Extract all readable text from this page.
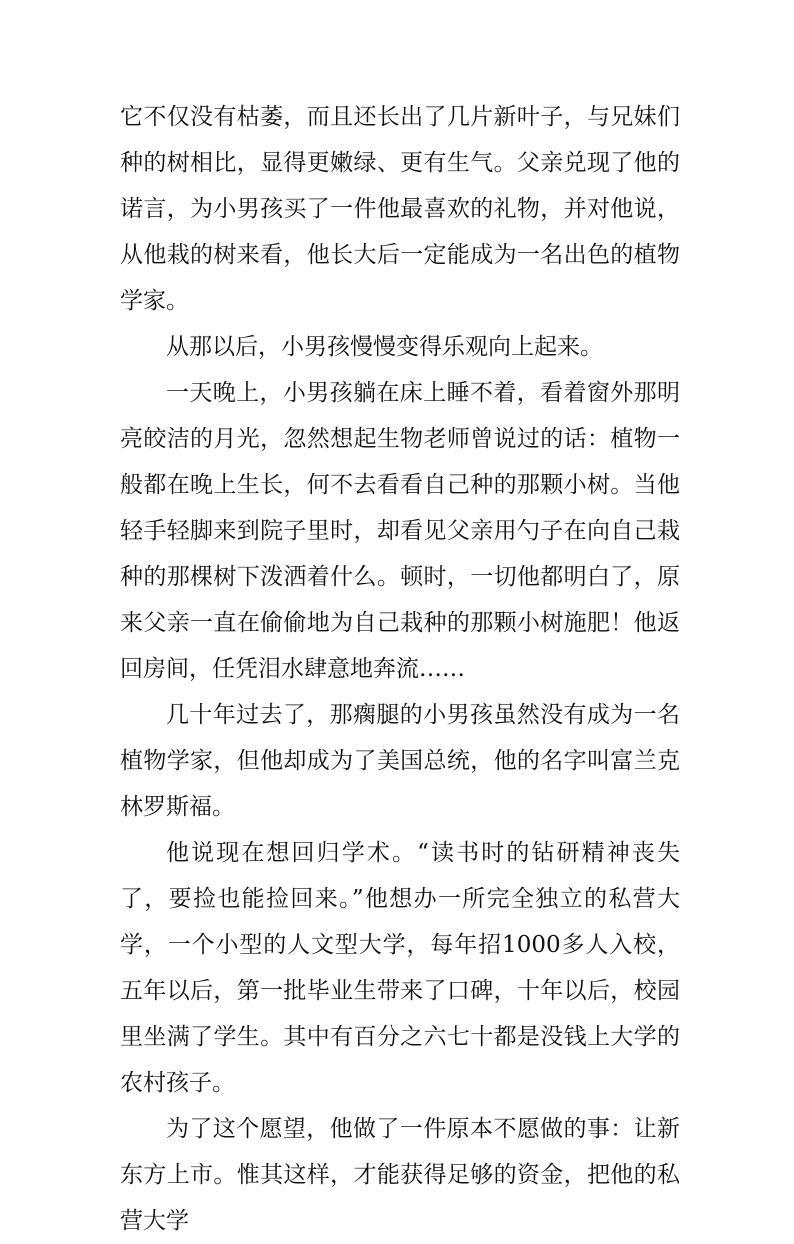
它不仅没有枯萎，而且还长出了几片新叶子，与兄妹们种的树相比，显得更嫩绿、更有生气。父亲兑现了他的诺言，为小男孩买了一件他最喜欢的礼物，并对他说，从他栽的树来看，他长大后一定能成为一名出色的植物学家。

从那以后，小男孩慢慢变得乐观向上起来。

一天晚上，小男孩躺在床上睡不着，看着窗外那明亮皎洁的月光，忽然想起生物老师曾说过的话：植物一般都在晚上生长，何不去看看自己种的那颗小树。当他轻手轻脚来到院子里时，却看见父亲用勺子在向自己栽种的那棵树下泼洒着什么。顿时，一切他都明白了，原来父亲一直在偷偷地为自己栽种的那颗小树施肥！他返回房间，任凭泪水肆意地奔流……

几十年过去了，那瘸腿的小男孩虽然没有成为一名植物学家，但他却成为了美国总统，他的名字叫富兰克林罗斯福。

他说现在想回归学术。“读书时的钻研精神丧失了，要捡也能捡回来。”他想办一所完全独立的私营大学，一个小型的人文型大学，每年招1000多人入校，五年以后，第一批毕业生带来了口碑，十年以后，校园里坐满了学生。其中有百分之六七十都是没钱上大学的农村孩子。

为了这个愿望，他做了一件原本不愿做的事：让新东方上市。惟其这样，才能获得足够的资金，把他的私营大学
